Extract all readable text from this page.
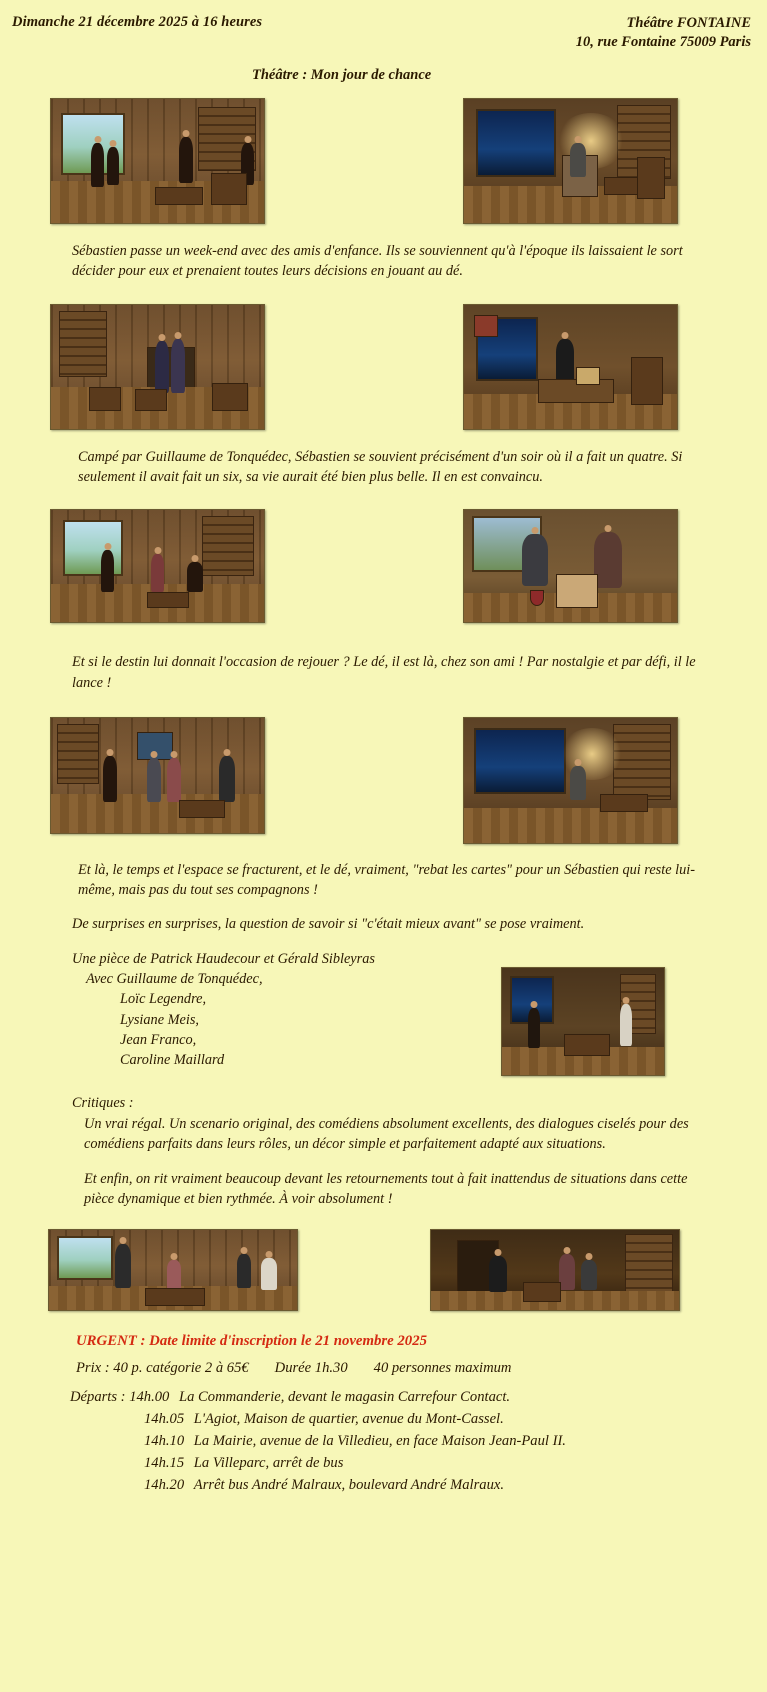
Dimanche 21 décembre 2025 à 16 heures	Théâtre FONTAINE
10, rue Fontaine 75009 Paris
Théâtre : Mon jour de chance

Sébastien passe un week-end avec des amis d'enfance. Ils se souviennent qu'à l'époque ils laissaient le sort décider pour eux et prenaient toutes leurs décisions en jouant au dé.

Campé par Guillaume de Tonquédec, Sébastien se souvient précisément d'un soir où il a fait un quatre. Si seulement il avait fait un six, sa vie aurait été bien plus belle. Il en est convaincu.

Et si le destin lui donnait l'occasion de rejouer ? Le dé, il est là, chez son ami ! Par nostalgie et par défi, il le lance !

Et là, le temps et l'espace se fracturent, et le dé, vraiment, "rebat les cartes" pour un Sébastien qui reste lui-même, mais pas du tout ses compagnons !

De surprises en surprises, la question de savoir si "c'était mieux avant" se pose vraiment.

Une pièce de Patrick Haudecour et Gérald Sibleyras
Avec Guillaume de Tonquédec,
Loïc Legendre,
Lysiane Meis,
Jean Franco,
Caroline Maillard
Critiques :

Un vrai régal. Un scenario original, des comédiens absolument excellents, des dialogues ciselés pour des comédiens parfaits dans leurs rôles, un décor simple et parfaitement adapté aux situations.

Et enfin, on rit vraiment beaucoup devant les retournements tout à fait inattendus de situations dans cette pièce dynamique et bien rythmée. À voir absolument !

URGENT : Date limite d'inscription le 21 novembre 2025
Prix : 40 p. catégorie 2 à 65€ Durée 1h.30 40 personnes maximum
Départs : 14h.00 La Commanderie, devant le magasin Carrefour Contact.
14h.05 L'Agiot, Maison de quartier, avenue du Mont-Cassel.
14h.10 La Mairie, avenue de la Villedieu, en face Maison Jean-Paul II.
14h.15 La Villeparc, arrêt de bus
14h.20 Arrêt bus André Malraux, boulevard André Malraux.
